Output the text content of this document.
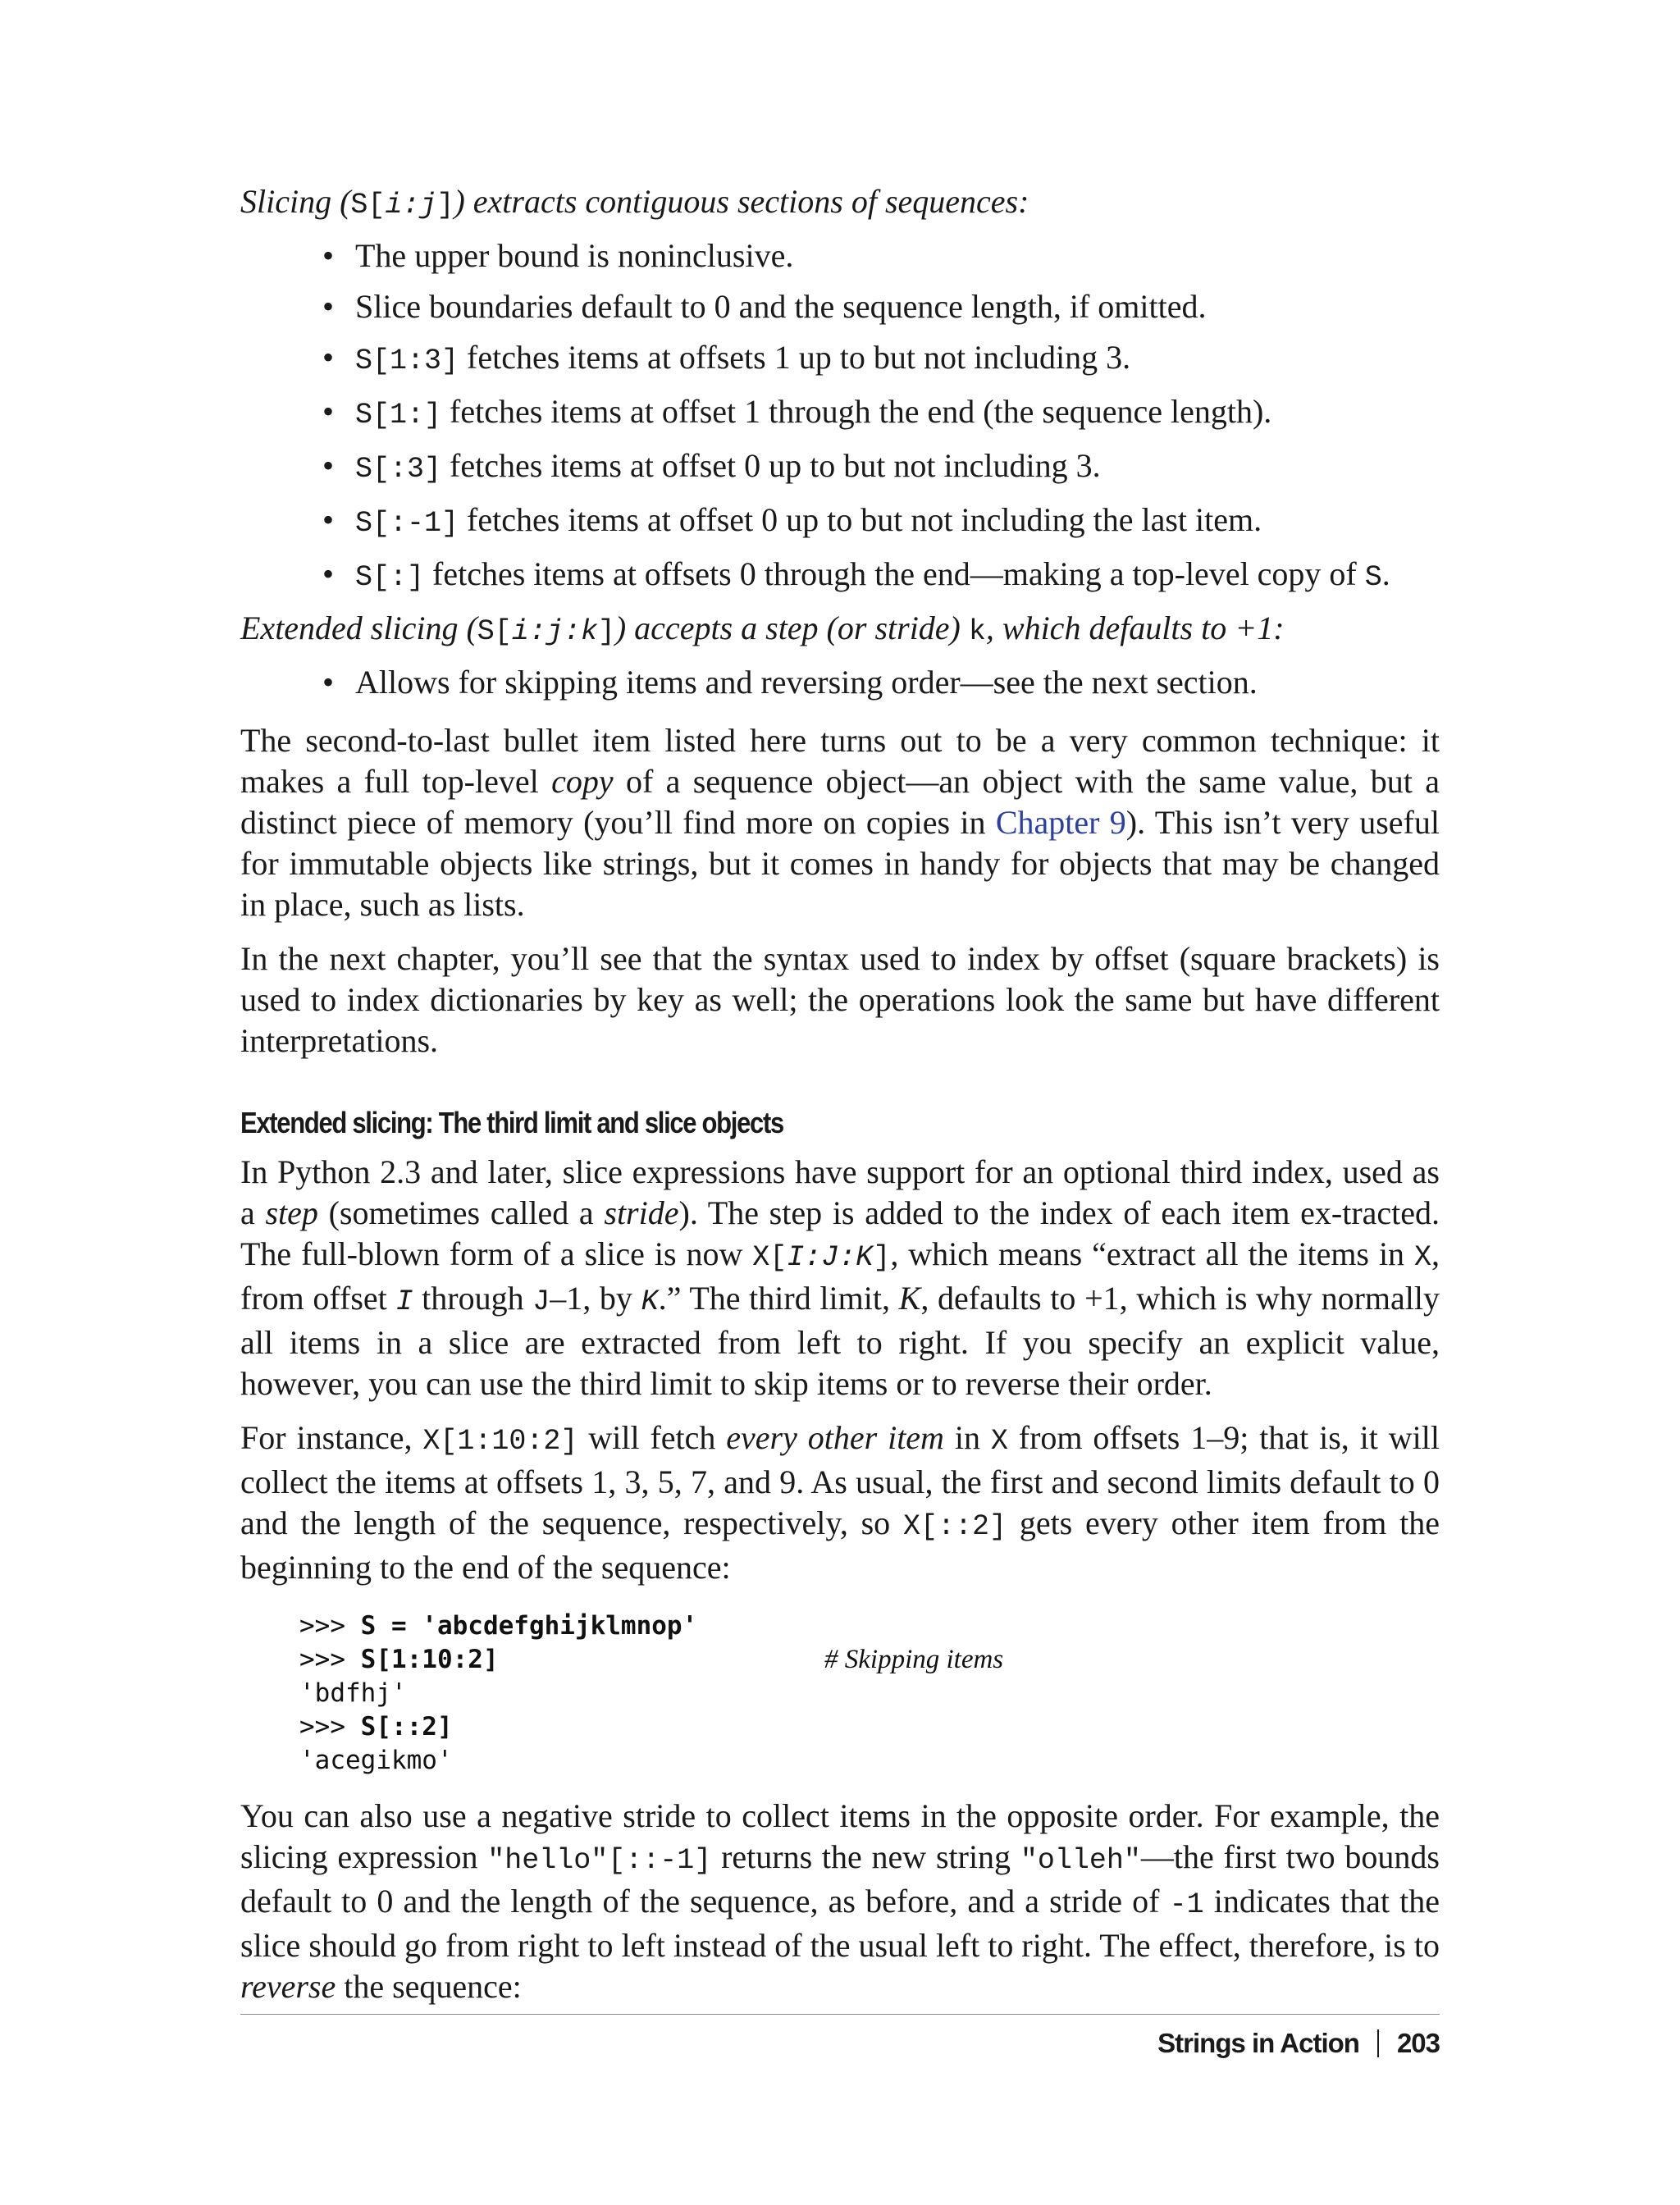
Slicing (S[i:j]) extracts contiguous sections of sequences:

• The upper bound is noninclusive.
• Slice boundaries default to 0 and the sequence length, if omitted.
• S[1:3] fetches items at offsets 1 up to but not including 3.
• S[1:] fetches items at offset 1 through the end (the sequence length).
• S[:3] fetches items at offset 0 up to but not including 3.
• S[:-1] fetches items at offset 0 up to but not including the last item.
• S[:] fetches items at offsets 0 through the end—making a top-level copy of S.

Extended slicing (S[i:j:k]) accepts a step (or stride) k, which defaults to +1:

• Allows for skipping items and reversing order—see the next section.

The second-to-last bullet item listed here turns out to be a very common technique: it makes a full top-level copy of a sequence object—an object with the same value, but a distinct piece of memory (you’ll find more on copies in Chapter 9). This isn’t very useful for immutable objects like strings, but it comes in handy for objects that may be changed in place, such as lists.

In the next chapter, you’ll see that the syntax used to index by offset (square brackets) is used to index dictionaries by key as well; the operations look the same but have different interpretations.

Extended slicing: The third limit and slice objects

In Python 2.3 and later, slice expressions have support for an optional third index, used as a step (sometimes called a stride). The step is added to the index of each item ex-tracted. The full-blown form of a slice is now X[I:J:K], which means “extract all the items in X, from offset I through J–1, by K.” The third limit, K, defaults to +1, which is why normally all items in a slice are extracted from left to right. If you specify an explicit value, however, you can use the third limit to skip items or to reverse their order.

For instance, X[1:10:2] will fetch every other item in X from offsets 1–9; that is, it will collect the items at offsets 1, 3, 5, 7, and 9. As usual, the first and second limits default to 0 and the length of the sequence, respectively, so X[::2] gets every other item from the beginning to the end of the sequence:

>>> S = 'abcdefghijklmnop'
>>> S[1:10:2]	# Skipping items
'bdfhj'
>>> S[::2]
'acegikmo'

You can also use a negative stride to collect items in the opposite order. For example, the slicing expression "hello"[::-1] returns the new string "olleh"—the first two bounds default to 0 and the length of the sequence, as before, and a stride of -1 indicates that the slice should go from right to left instead of the usual left to right. The effect, therefore, is to reverse the sequence:

Strings in Action 203
